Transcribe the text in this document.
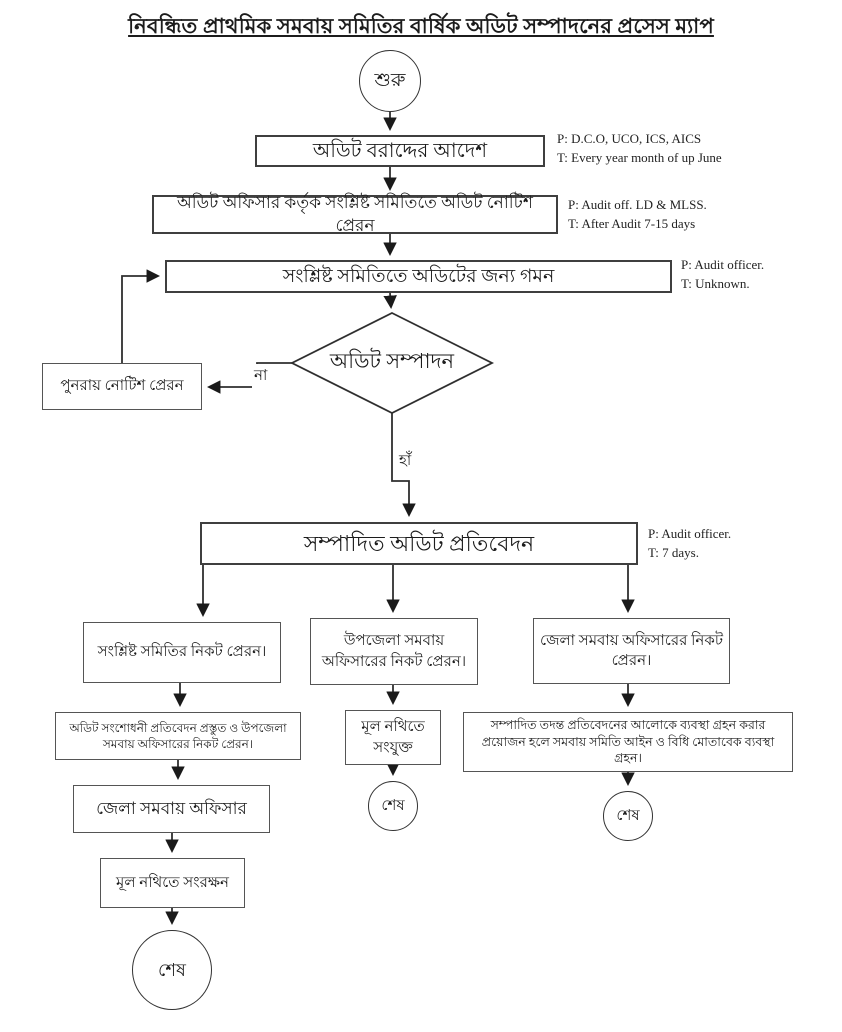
নিবন্ধিত প্রাথমিক সমবায় সমিতির বার্ষিক অডিট সম্পাদনের প্রসেস ম্যাপ
শুরু
অডিট বরাদ্দের আদেশ
P: D.C.O, UCO, ICS, AICS
T: Every year month of up June
অডিট অফিসার কর্তৃক সংশ্লিষ্ট সমিতিতে অডিট নোটিশ প্রেরন
P: Audit off. LD & MLSS.
T: After Audit 7-15 days
সংশ্লিষ্ট সমিতিতে অডিটের জন্য গমন
P: Audit officer.
T: Unknown.
অডিট সম্পাদন
না
হাঁ
পুনরায় নোটিশ প্রেরন
সম্পাদিত অডিট প্রতিবেদন	P: Audit officer.
T: 7 days.
সংশ্লিষ্ট সমিতির নিকট প্রেরন।
উপজেলা সমবায় অফিসারের নিকট প্রেরন।
জেলা সমবায় অফিসারের নিকট প্রেরন।
অডিট সংশোধনী প্রতিবেদন প্রস্তুত ও উপজেলা সমবায় অফিসারের নিকট প্রেরন।
জেলা সমবায় অফিসার
মূল নথিতে সংরক্ষন
শেষ
মূল নথিতে সংযুক্ত
শেষ
সম্পাদিত তদন্ত প্রতিবেদনের আলোকে ব্যবস্থা গ্রহন করার প্রয়োজন হলে সমবায় সমিতি আইন ও বিধি মোতাবেক ব্যবস্থা গ্রহন।
শেষ
